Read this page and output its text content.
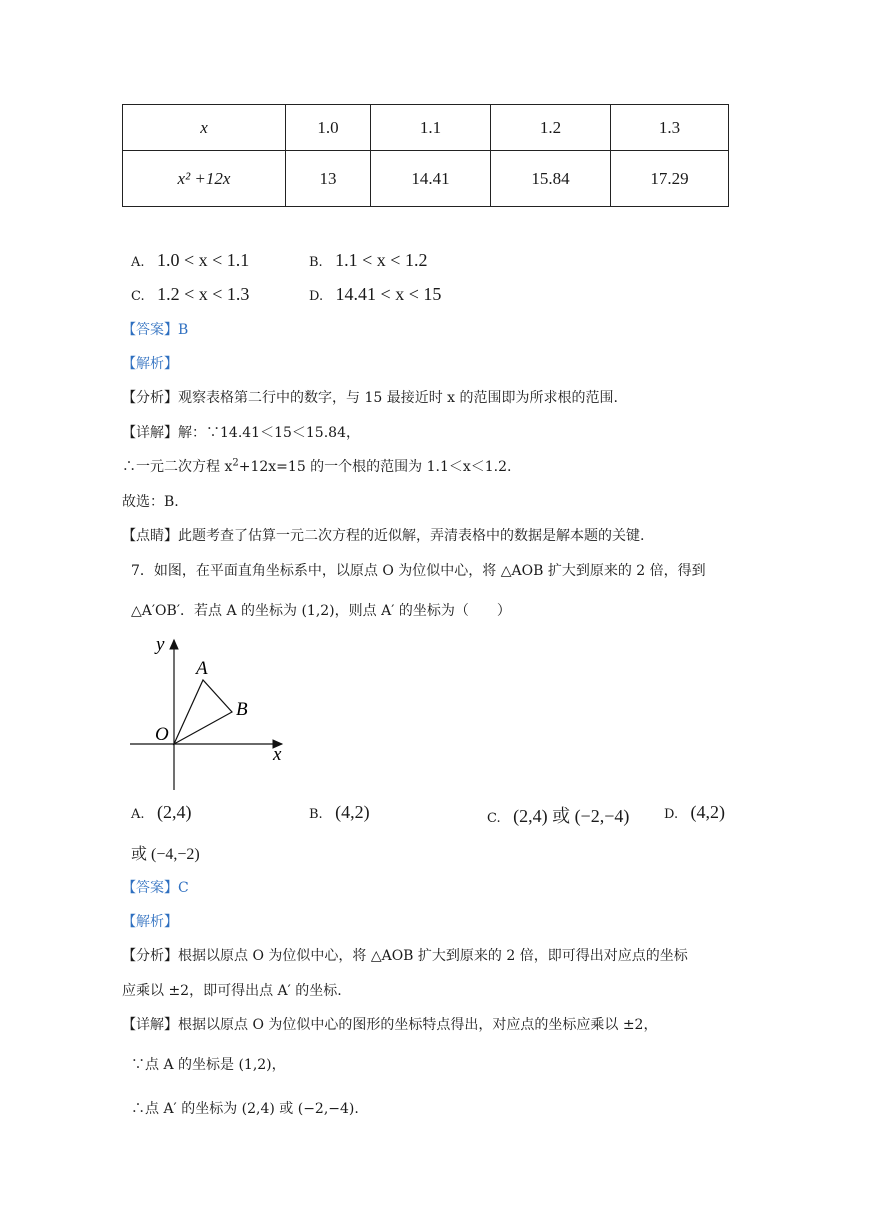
x	1.0	1.1	1.2	1.3
x² +12x	13	14.41	15.84	17.29
A. 1.0 < x < 1.1	B. 1.1 < x < 1.2
C. 1.2 < x < 1.3	D. 14.41 < x < 15
【答案】B
【解析】
【分析】观察表格第二行中的数字，与 15 最接近时 x 的范围即为所求根的范围.
【详解】解：∵14.41＜15＜15.84，
∴一元二次方程 $x^2+12x=15$ 的一个根的范围为 1.1＜x＜1.2.
故选：B.
【点睛】此题考查了估算一元二次方程的近似解，弄清表格中的数据是解本题的关键.
7．如图，在平面直角坐标系中，以原点 O 为位似中心，将 △AOB 扩大到原来的 2 倍，得到
△A′OB′．若点 A 的坐标为 (1,2)，则点 A′ 的坐标为（　　）
y
x
O
A
B
A. (2,4)	B. (4,2)	C. (2,4) 或 (−2,−4)	D. (4,2)
或 (−4,−2)
【答案】C
【解析】
【分析】根据以原点 O 为位似中心，将 △AOB 扩大到原来的 2 倍，即可得出对应点的坐标
应乘以 ±2，即可得出点 A′ 的坐标.
【详解】根据以原点 O 为位似中心的图形的坐标特点得出，对应点的坐标应乘以 ±2，
∵点 A 的坐标是 (1,2)，
∴点 A′ 的坐标为 (2,4) 或 (−2,−4).
